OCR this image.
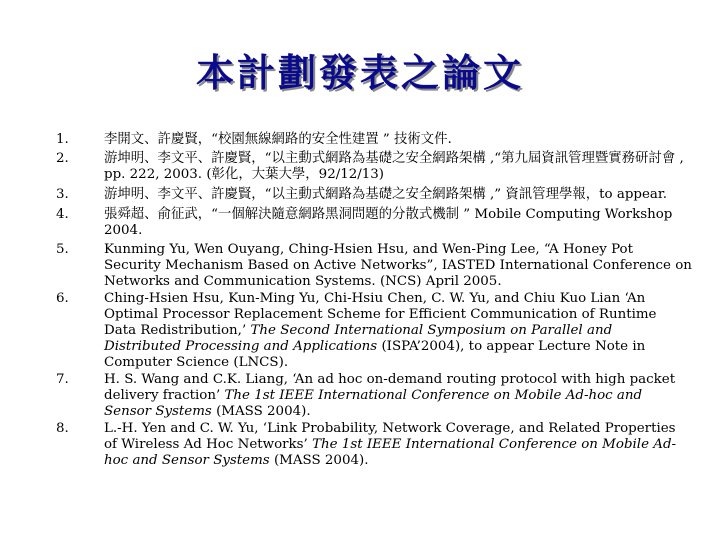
本計劃發表之論文
1.	李開文、許慶賢，“校園無線網路的安全性建置 ” 技術文件．
2.	游坤明、李文平、許慶賢，“以主動式網路為基礎之安全網路架構 ,“第九屆資訊管理暨實務研討會 , pp. 222, 2003. (彰化，大葉大學，92/12/13)
3.	游坤明、李文平、許慶賢，“以主動式網路為基礎之安全網路架構 ,” 資訊管理學報，to appear.
4.	張舜超、俞征武，“一個解決隨意網路黑洞問題的分散式機制 ” Mobile Computing Workshop 2004.
5.	Kunming Yu, Wen Ouyang, Ching-Hsien Hsu, and Wen-Ping Lee, “A Honey Pot Security Mechanism Based on Active Networks”, IASTED International Conference on Networks and Communication Systems. (NCS) April 2005.
6.	Ching-Hsien Hsu, Kun-Ming Yu, Chi-Hsiu Chen, C. W. Yu, and Chiu Kuo Lian ‘An Optimal Processor Replacement Scheme for Efficient Communication of Runtime Data Redistribution,’ The Second International Symposium on Parallel and Distributed Processing and Applications (ISPA’2004), to appear Lecture Note in Computer Science (LNCS).
7.	H. S. Wang and C.K. Liang, ‘An ad hoc on-demand routing protocol with high packet delivery fraction’ The 1st IEEE International Conference on Mobile Ad-hoc and Sensor Systems (MASS 2004).
8.	L.-H. Yen and C. W. Yu, ‘Link Probability, Network Coverage, and Related Properties of Wireless Ad Hoc Networks’ The 1st IEEE International Conference on Mobile Ad-hoc and Sensor Systems (MASS 2004).
